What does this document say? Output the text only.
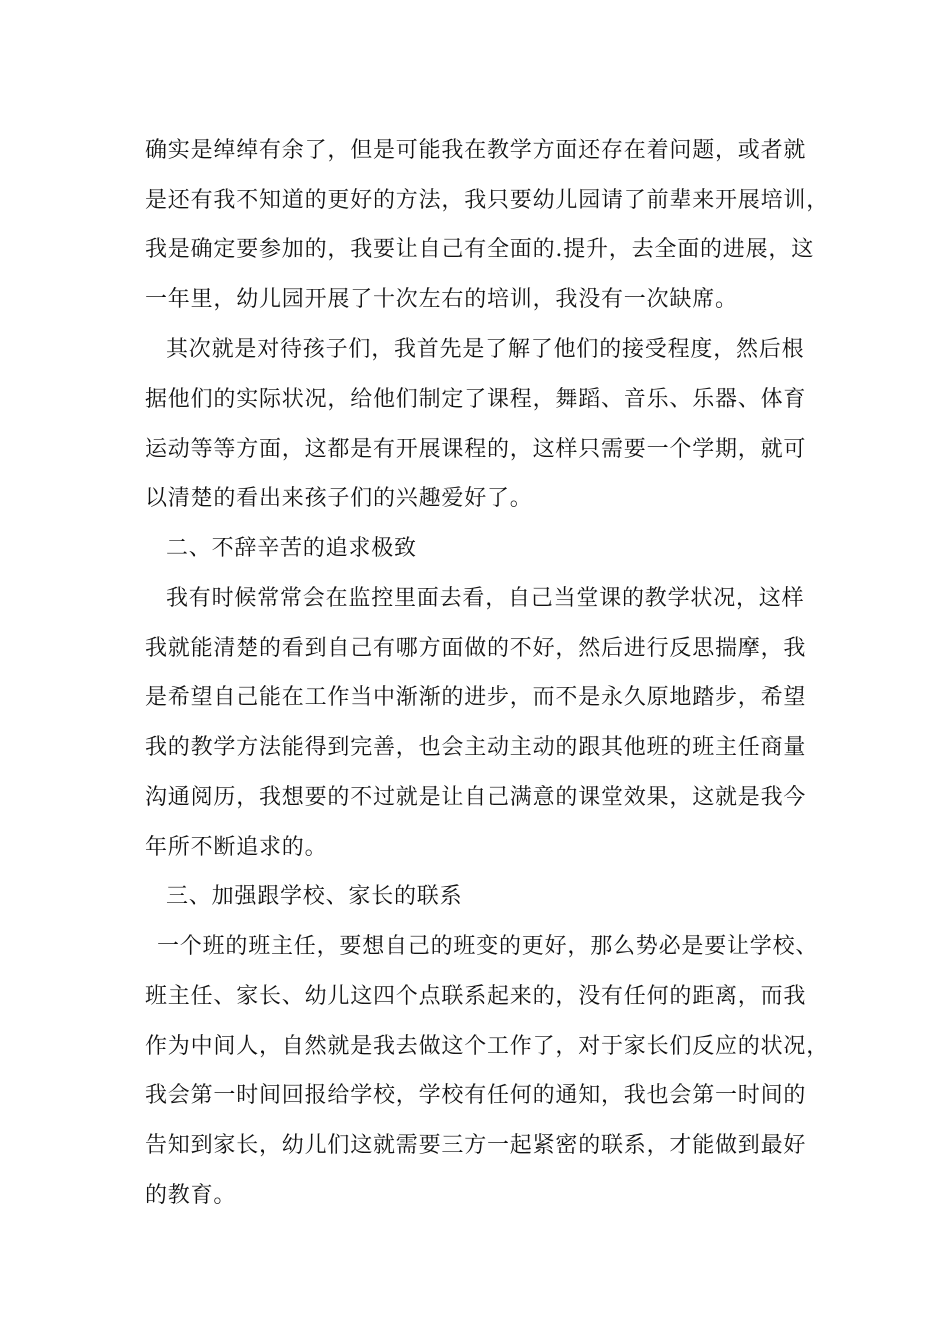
确实是绰绰有余了，但是可能我在教学方面还存在着问题，或者就

是还有我不知道的更好的方法，我只要幼儿园请了前辈来开展培训，

我是确定要参加的，我要让自己有全面的.提升，去全面的进展，这

一年里，幼儿园开展了十次左右的培训，我没有一次缺席。

其次就是对待孩子们，我首先是了解了他们的接受程度，然后根

据他们的实际状况，给他们制定了课程，舞蹈、音乐、乐器、体育

运动等等方面，这都是有开展课程的，这样只需要一个学期，就可

以清楚的看出来孩子们的兴趣爱好了。

二、不辞辛苦的追求极致

我有时候常常会在监控里面去看，自己当堂课的教学状况，这样

我就能清楚的看到自己有哪方面做的不好，然后进行反思揣摩，我

是希望自己能在工作当中渐渐的进步，而不是永久原地踏步，希望

我的教学方法能得到完善，也会主动主动的跟其他班的班主任商量

沟通阅历，我想要的不过就是让自己满意的课堂效果，这就是我今

年所不断追求的。

三、加强跟学校、家长的联系

一个班的班主任，要想自己的班变的更好，那么势必是要让学校、

班主任、家长、幼儿这四个点联系起来的，没有任何的距离，而我

作为中间人，自然就是我去做这个工作了，对于家长们反应的状况，

我会第一时间回报给学校，学校有任何的通知，我也会第一时间的

告知到家长，幼儿们这就需要三方一起紧密的联系，才能做到最好

的教育。
